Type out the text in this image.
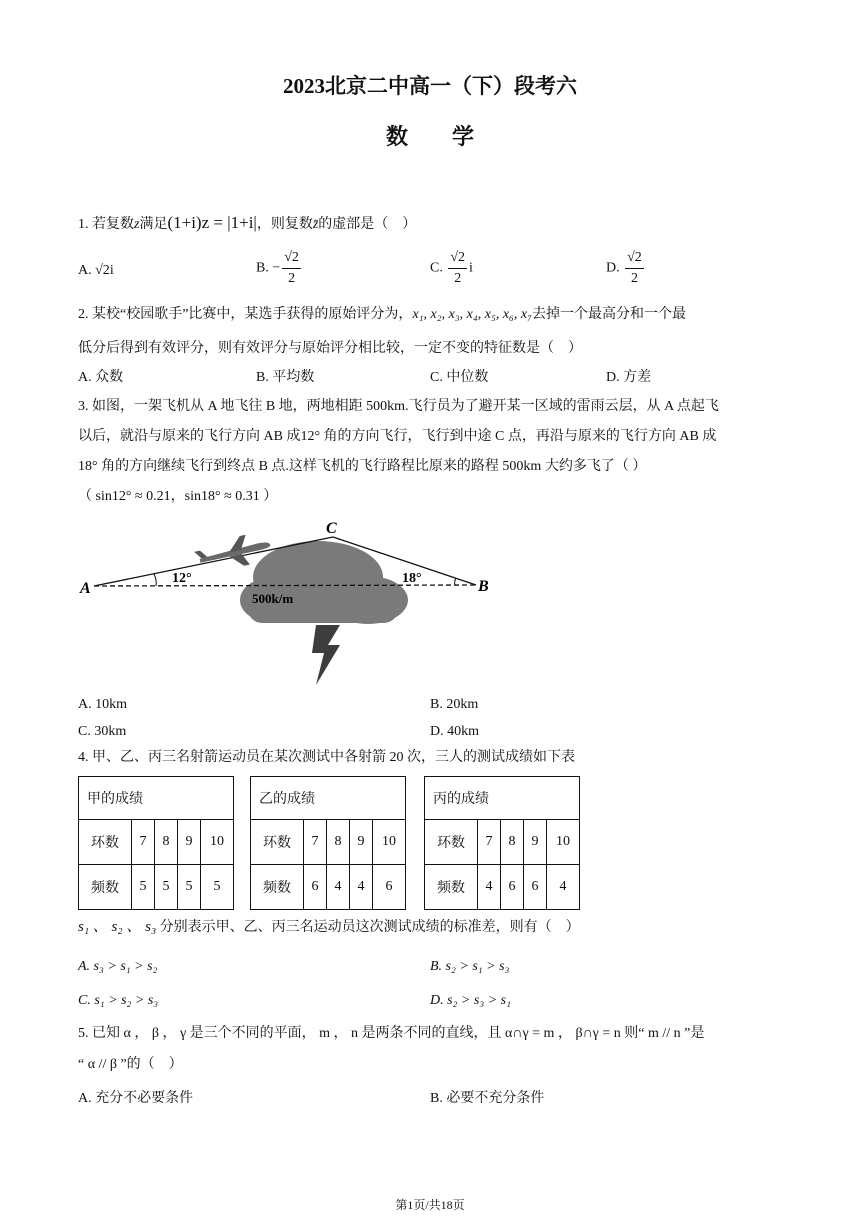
2023北京二中高一（下）段考六
数　　学
1. 若复数z满足(1+i)z = |1+i|，则复数z̄的虚部是（　）
A. √2i	B. − $\frac{√2}{2}$	C. $\frac{√2}{2}$ i	D. $\frac{√2}{2}$
2. 某校“校园歌手”比赛中，某选手获得的原始评分为，x₁, x₂, x₃, x₄, x₅, x₆, x₇去掉一个最高分和一个最
低分后得到有效评分，则有效评分与原始评分相比较，一定不变的特征数是（　）
A. 众数	B. 平均数	C. 中位数	D. 方差
3. 如图，一架飞机从 A 地飞往 B 地，两地相距 500km.飞行员为了避开某一区域的雷雨云层，从 A 点起飞
以后，就沿与原来的飞行方向 AB 成12° 角的方向飞行，飞行到中途 C 点，再沿与原来的飞行方向 AB 成
18° 角的方向继续飞行到终点 B 点.这样飞机的飞行路程比原来的路程 500km 大约多飞了（ ）
（ sin12° ≈ 0.21，sin18° ≈ 0.31 ）
A	B
C
12°	18°
500k/m
A. 10km	B. 20km
C. 30km	D. 40km
4. 甲、乙、丙三名射箭运动员在某次测试中各射箭 20 次，三人的测试成绩如下表
甲的成绩				
环数	7	8	9	10
频数	5	5	5	5
乙的成绩				
环数	7	8	9	10
频数	6	4	4	6
丙的成绩				
环数	7	8	9	10
频数	4	6	6	4
s₁ 、 s₂ 、 s₃ 分别表示甲、乙、丙三名运动员这次测试成绩的标准差，则有（　）
A. s₃ > s₁ > s₂	B. s₂ > s₁ > s₃
C. s₁ > s₂ > s₃	D. s₂ > s₃ > s₁
5. 已知 α ， β ， γ 是三个不同的平面， m ， n 是两条不同的直线，且 α∩γ = m ， β∩γ = n 则“ m // n ”是
“ α // β ”的（　）
A. 充分不必要条件	B. 必要不充分条件
第1页/共18页
